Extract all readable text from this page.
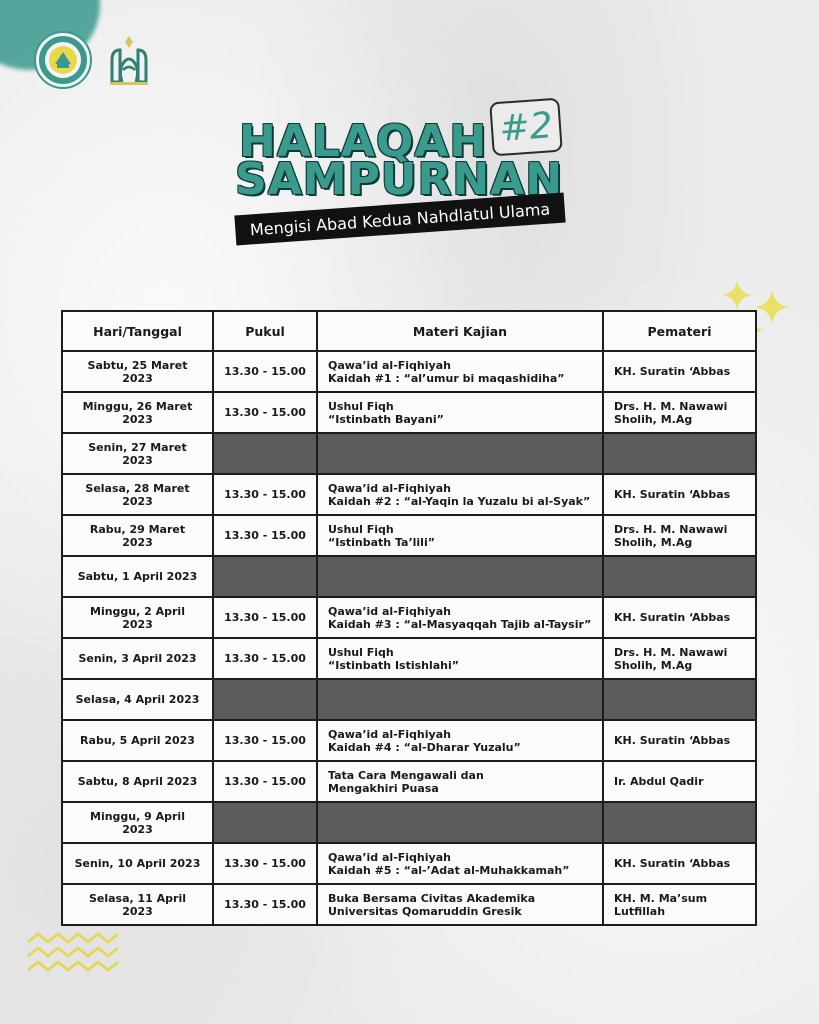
HALAQAH #2
SAMPURNAN
Mengisi Abad Kedua Nahdlatul Ulama
Hari/Tanggal	Pukul	Materi Kajian	Pemateri
Sabtu, 25 Maret 2023	13.30 - 15.00	Qawa’id al-Fiqhiyah
Kaidah #1 : “al’umur bi maqashidiha”	KH. Suratin ‘Abbas

Minggu, 26 Maret 2023	13.30 - 15.00	Ushul Fiqh
“Istinbath Bayani”	Drs. H. M. Nawawi
Sholih, M.Ag

Senin, 27 Maret 2023			
Selasa, 28 Maret 2023	13.30 - 15.00	Qawa’id al-Fiqhiyah
Kaidah #2 : “al-Yaqin la Yuzalu bi al-Syak”	KH. Suratin ‘Abbas

Rabu, 29 Maret 2023	13.30 - 15.00	Ushul Fiqh
“Istinbath Ta’lili”	Drs. H. M. Nawawi
Sholih, M.Ag

Sabtu, 1 April 2023			
Minggu, 2 April 2023	13.30 - 15.00	Qawa’id al-Fiqhiyah
Kaidah #3 : “al-Masyaqqah Tajib al-Taysir”	KH. Suratin ‘Abbas

Senin, 3 April 2023	13.30 - 15.00	Ushul Fiqh
“Istinbath Istishlahi”	Drs. H. M. Nawawi
Sholih, M.Ag

Selasa, 4 April 2023			
Rabu, 5 April 2023	13.30 - 15.00	Qawa’id al-Fiqhiyah
Kaidah #4 : “al-Dharar Yuzalu”	KH. Suratin ‘Abbas

Sabtu, 8 April 2023	13.30 - 15.00	Tata Cara Mengawali dan
Mengakhiri Puasa	Ir. Abdul Qadir

Minggu, 9 April 2023			
Senin, 10 April 2023	13.30 - 15.00	Qawa’id al-Fiqhiyah
Kaidah #5 : “al-’Adat al-Muhakkamah”	KH. Suratin ‘Abbas

Selasa, 11 April 2023	13.30 - 15.00	Buka Bersama Civitas Akademika
Universitas Qomaruddin Gresik	KH. M. Ma’sum
Lutfillah
